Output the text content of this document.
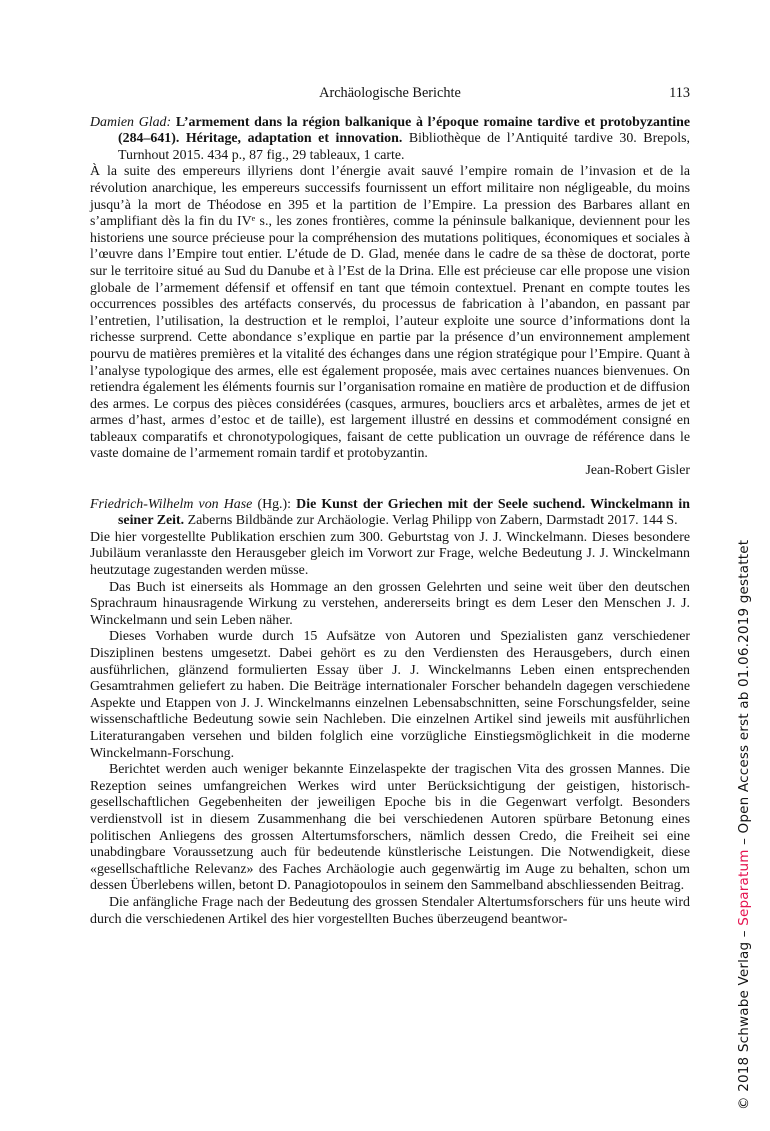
Archäologische Berichte	113

Damien Glad: L’armement dans la région balkanique à l’époque romaine tardive et protobyzantine (284–641). Héritage, adaptation et innovation. Bibliothèque de l’Antiquité tardive 30. Brepols, Turnhout 2015. 434 p., 87 fig., 29 tableaux, 1 carte.

À la suite des empereurs illyriens dont l’énergie avait sauvé l’empire romain de l’invasion et de la révolution anarchique, les empereurs successifs fournissent un effort militaire non négligeable, du moins jusqu’à la mort de Théodose en 395 et la partition de l’Empire. La pression des Barbares allant en s’amplifiant dès la fin du IVᵉ s., les zones frontières, comme la péninsule balkanique, deviennent pour les historiens une source précieuse pour la compréhension des mutations politiques, économiques et sociales à l’œuvre dans l’Empire tout entier. L’étude de D. Glad, menée dans le cadre de sa thèse de doctorat, porte sur le territoire situé au Sud du Danube et à l’Est de la Drina. Elle est précieuse car elle propose une vision globale de l’armement défensif et offensif en tant que témoin contextuel. Prenant en compte toutes les occurrences possibles des artéfacts conservés, du processus de fabrication à l’abandon, en passant par l’entretien, l’utilisation, la destruction et le remploi, l’auteur exploite une source d’informations dont la richesse surprend. Cette abondance s’explique en partie par la présence d’un environnement amplement pourvu de matières premières et la vitalité des échanges dans une région stratégique pour l’Empire. Quant à l’analyse typologique des armes, elle est également proposée, mais avec certaines nuances bienvenues. On retiendra également les éléments fournis sur l’organisation romaine en matière de production et de diffusion des armes. Le corpus des pièces considérées (casques, armures, boucliers arcs et arbalètes, armes de jet et armes d’hast, armes d’estoc et de taille), est largement illustré en dessins et commodément consigné en tableaux comparatifs et chronotypologiques, faisant de cette publication un ouvrage de référence dans le vaste domaine de l’armement romain tardif et protobyzantin.

Jean-Robert Gisler

Friedrich-Wilhelm von Hase (Hg.): Die Kunst der Griechen mit der Seele suchend. Winckelmann in seiner Zeit. Zaberns Bildbände zur Archäologie. Verlag Philipp von Zabern, Darmstadt 2017. 144 S.

Die hier vorgestellte Publikation erschien zum 300. Geburtstag von J. J. Winckelmann. Dieses besondere Jubiläum veranlasste den Herausgeber gleich im Vorwort zur Frage, welche Bedeutung J. J. Winckelmann heutzutage zugestanden werden müsse.

Das Buch ist einerseits als Hommage an den grossen Gelehrten und seine weit über den deutschen Sprachraum hinausragende Wirkung zu verstehen, andererseits bringt es dem Leser den Menschen J. J. Winckelmann und sein Leben näher.

Dieses Vorhaben wurde durch 15 Aufsätze von Autoren und Spezialisten ganz verschiedener Disziplinen bestens umgesetzt. Dabei gehört es zu den Verdiensten des Herausgebers, durch einen ausführlichen, glänzend formulierten Essay über J. J. Winckelmanns Leben einen entsprechenden Gesamtrahmen geliefert zu haben. Die Beiträge internationaler Forscher behandeln dagegen verschiedene Aspekte und Etappen von J. J. Winckelmanns einzelnen Lebensabschnitten, seine Forschungsfelder, seine wissenschaftliche Bedeutung sowie sein Nachleben. Die einzelnen Artikel sind jeweils mit ausführlichen Literaturangaben versehen und bilden folglich eine vorzügliche Einstiegsmöglichkeit in die moderne Winckelmann-Forschung.

Berichtet werden auch weniger bekannte Einzelaspekte der tragischen Vita des grossen Mannes. Die Rezeption seines umfangreichen Werkes wird unter Berücksichtigung der geistigen, historisch-gesellschaftlichen Gegebenheiten der jeweiligen Epoche bis in die Gegenwart verfolgt. Besonders verdienstvoll ist in diesem Zusammenhang die bei verschiedenen Autoren spürbare Betonung eines politischen Anliegens des grossen Altertumsforschers, nämlich dessen Credo, die Freiheit sei eine unabdingbare Voraussetzung auch für bedeutende künstlerische Leistungen. Die Notwendigkeit, diese «gesellschaftliche Relevanz» des Faches Archäologie auch gegenwärtig im Auge zu behalten, schon um dessen Überlebens willen, betont D. Panagiotopoulos in seinem den Sammelband abschliessenden Beitrag.

Die anfängliche Frage nach der Bedeutung des grossen Stendaler Altertumsforschers für uns heute wird durch die verschiedenen Artikel des hier vorgestellten Buches überzeugend beantwor-

© 2018 Schwabe Verlag – Separatum – Open Access erst ab 01.06.2019 gestattet
